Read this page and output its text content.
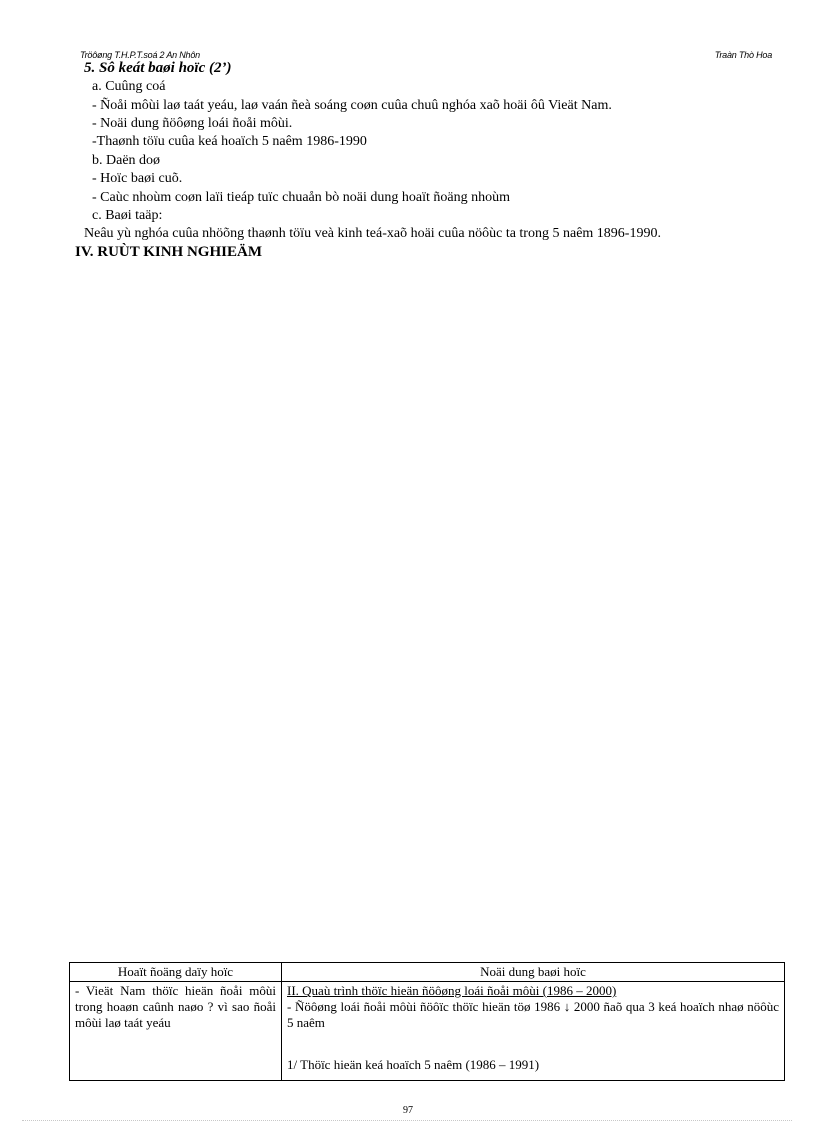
Tröôøng T.H.P.T.soá 2 An Nhôn	Traàn Thò Hoa
5. Sô keát baøi hoïc (2’)
a. Cuûng coá
- Ñoåi môùi laø taát yeáu, laø vaán ñeà soáng coøn cuûa chuû nghóa xaõ hoäi ôû Vieät Nam.
- Noäi dung ñöôøng loái ñoåi môùi.
-Thaønh töïu cuûa keá hoaïch 5 naêm 1986-1990
b. Daën doø
- Hoïc baøi cuõ.
- Caùc nhoùm coøn laïi tieáp tuïc chuaån bò noäi dung hoaït ñoäng nhoùm
c. Baøi taäp:
Neâu yù nghóa cuûa nhöõng thaønh töïu veà kinh teá-xaõ hoäi cuûa nöôùc ta trong 5 naêm 1896-1990.
IV. RUÙT KINH NGHIEÄM
Hoaït ñoäng daïy hoïc	Noäi dung baøi hoïc

- Vieät Nam thöïc hieän ñoåi môùi trong hoaøn caûnh naøo ? vì sao ñoåi môùi laø taát yeáu	II. Quaù trình thöïc hieän ñöôøng loái ñoåi môùi (1986 – 2000)
- Ñöôøng loái ñoåi môùi ñöôïc thöïc hieän töø 1986 ↓ 2000 ñaõ qua 3 keá hoaïch nhaø nöôùc 5 naêm
1/ Thöïc hieän keá hoaïch 5 naêm (1986 – 1991)
97
